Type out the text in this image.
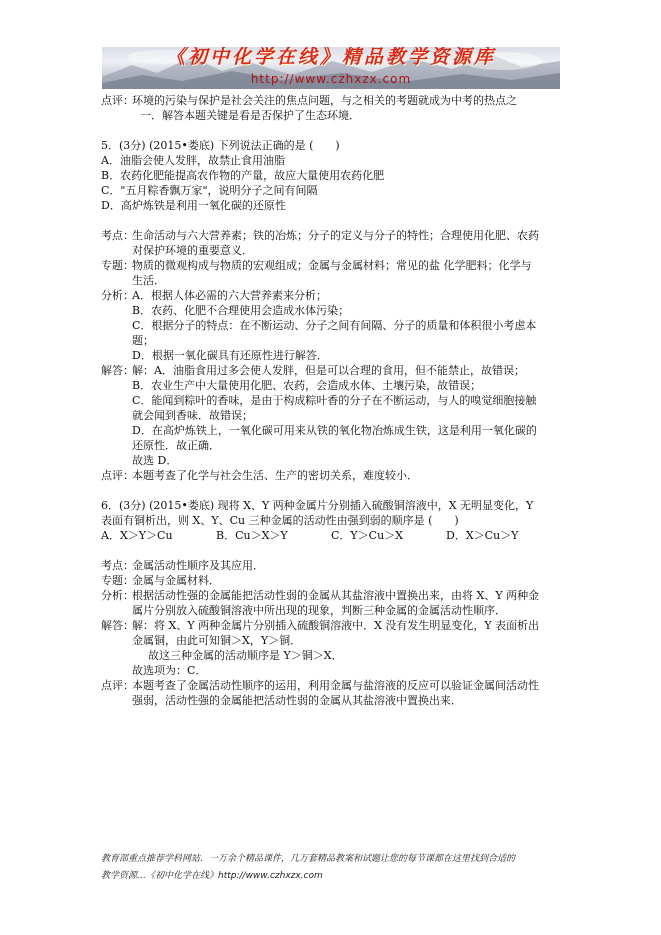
《初中化学在线》精品教学资源库
http://www.czhxzx.com
点评：

环境的污染与保护是社会关注的焦点问题，与之相关的考题就成为中考的热点之

一．解答本题关键是看是否保护了生态环境．

5．(3分) (2015•娄底) 下列说法正确的是 (　　)

A．油脂会使人发胖，故禁止食用油脂

B．农药化肥能提高农作物的产量，故应大量使用农药化肥

C．"五月粽香飘万家"，说明分子之间有间隔

D．高炉炼铁是利用一氧化碳的还原性

考点：

生命活动与六大营养素；铁的冶炼；分子的定义与分子的特性；合理使用化肥、农药

对保护环境的重要意义．

专题：

物质的微观构成与物质的宏观组成；金属与金属材料；常见的盐 化学肥料；化学与

生活．

分析：

A．根据人体必需的六大营养素来分析；

B．农药、化肥不合理使用会造成水体污染；

C．根据分子的特点：在不断运动、分子之间有间隔、分子的质量和体积很小考虑本

题；

D．根据一氧化碳具有还原性进行解答．

解答：

解：A．油脂食用过多会使人发胖，但是可以合理的食用，但不能禁止，故错误；

B．农业生产中大量使用化肥、农药，会造成水体、土壤污染，故错误；

C．能闻到粽叶的香味，是由于构成粽叶香的分子在不断运动，与人的嗅觉细胞接触

就会闻到香味．故错误；

D．在高炉炼铁上，一氧化碳可用来从铁的氧化物冶炼成生铁，这是利用一氧化碳的

还原性．故正确．

故选 D．

点评：

本题考查了化学与社会生活、生产的密切关系，难度较小．

6．(3分) (2015•娄底) 现将 X、Y 两种金属片分别插入硫酸铜溶液中，X 无明显变化，Y

表面有铜析出，则 X、Y、Cu 三种金属的活动性由强到弱的顺序是 (　　)

A．X＞Y＞Cu	B．Cu＞X＞Y	C．Y＞Cu＞X	D．X＞Cu＞Y
考点：

金属活动性顺序及其应用．

专题：

金属与金属材料．

分析：

根据活动性强的金属能把活动性弱的金属从其盐溶液中置换出来，由将 X、Y 两种金

属片分别放入硫酸铜溶液中所出现的现象，判断三种金属的金属活动性顺序．

解答：

解：将 X、Y 两种金属片分别插入硫酸铜溶液中．X 没有发生明显变化，Y 表面析出

金属铜，由此可知铜＞X，Y＞铜．

故这三种金属的活动顺序是 Y＞铜＞X．

故选项为：C．

点评：

本题考查了金属活动性顺序的运用，利用金属与盐溶液的反应可以验证金属间活动性

强弱，活动性强的金属能把活动性弱的金属从其盐溶液中置换出来．

教育部重点推荐学科网站．一万余个精品课件，几万套精品教案和试题让您的每节课都在这里找到合适的
教学资源…《初中化学在线》http://www.czhxzx.com
